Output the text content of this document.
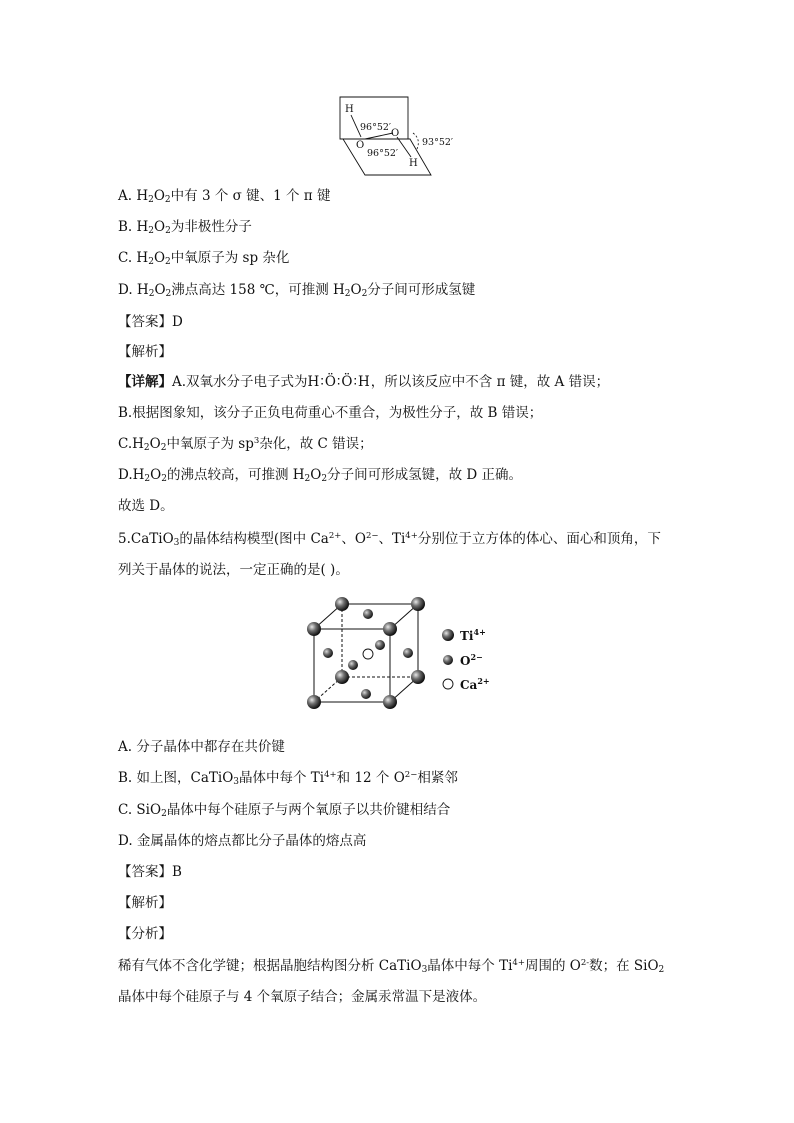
H
96°52′
O
O
96°52′
93°52′
H
A. $H_2O_2$中有 3 个 σ 键、1 个 π 键
B. $H_2O_2$为非极性分子
C. $H_2O_2$中氧原子为 sp 杂化
D. $H_2O_2$沸点高达 158 ℃，可推测 $H_2O_2$分子间可形成氢键
【答案】D
【解析】
【详解】A.双氧水分子电子式为H∶Ö∶Ö∶H，所以该反应中不含 π 键，故 A 错误；
B.根据图象知，该分子正负电荷重心不重合，为极性分子，故 B 错误；
$C.H_2O_2$中氧原子为 $sp^3$杂化，故 C 错误；
$D.H_2O_2$的沸点较高，可推测 $H_2O_2$分子间可形成氢键，故 D 正确。
故选 D。
5.CaTiO$_3$的晶体结构模型(图中 $Ca^{2+}$、$O^{2-}$、$Ti^{4+}$分别位于立方体的体心、面心和顶角，下
列关于晶体的说法，一定正确的是( )。
$Ti^{4+}$
$O^{2-}$
$Ca^{2+}$
A. 分子晶体中都存在共价键
B. 如上图，CaTiO$_3$晶体中每个 $Ti^{4+}$和 12 个 $O^{2-}$相紧邻
C. SiO$_2$晶体中每个硅原子与两个氧原子以共价键相结合
D. 金属晶体的熔点都比分子晶体的熔点高
【答案】B
【解析】
【分析】
稀有气体不含化学键；根据晶胞结构图分析 CaTiO$_3$晶体中每个 $Ti^{4+}$周围的 $O^{2-}$数；在 SiO$_2$
晶体中每个硅原子与 4 个氧原子结合；金属汞常温下是液体。
